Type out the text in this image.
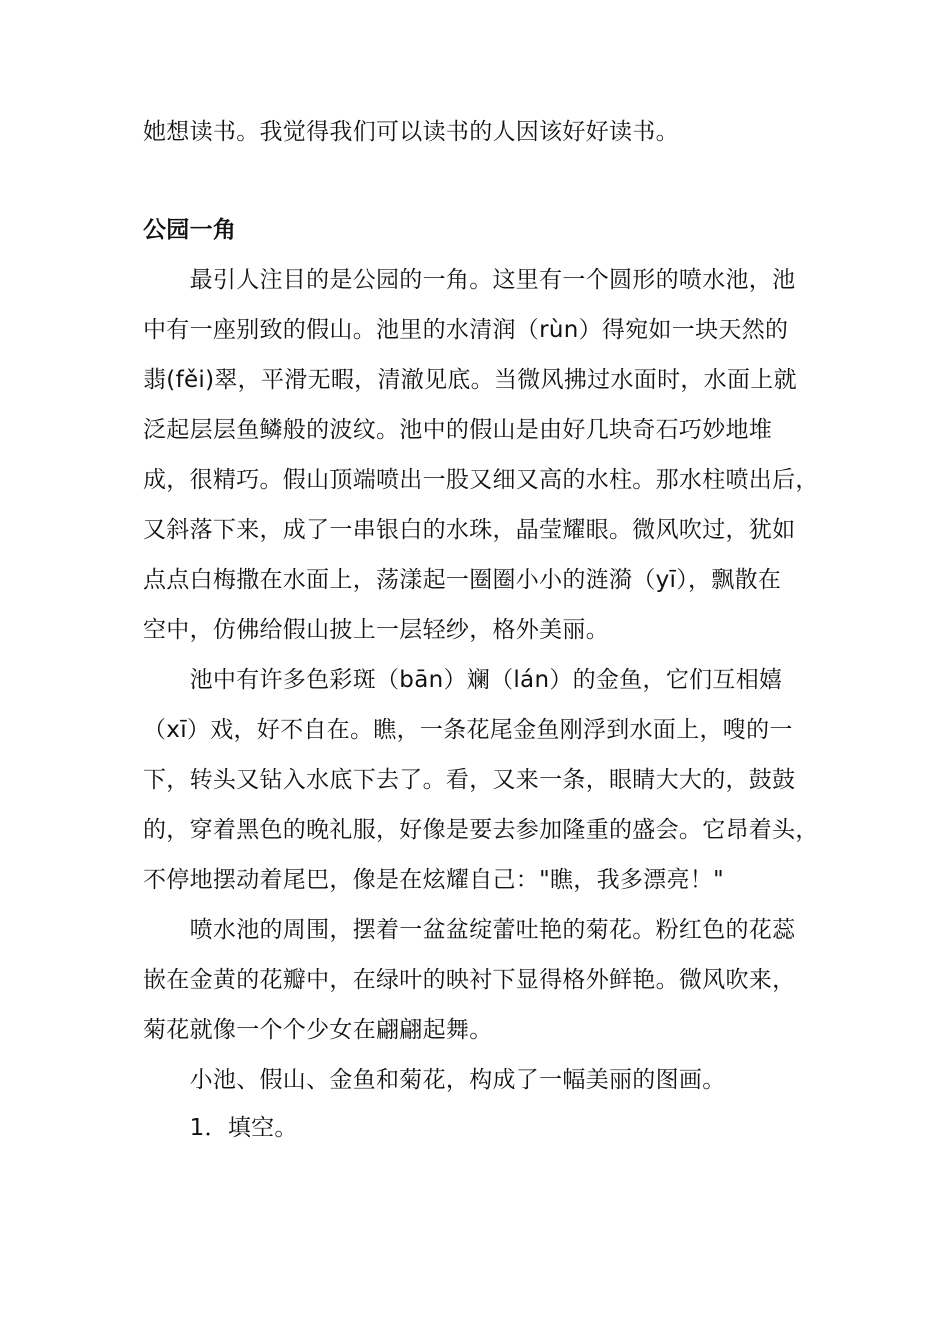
她想读书。我觉得我们可以读书的人因该好好读书。
公园一角
　　最引人注目的是公园的一角。这里有一个圆形的喷水池，池
中有一座别致的假山。池里的水清润（rùn）得宛如一块天然的
翡(fěi)翠，平滑无暇，清澈见底。当微风拂过水面时，水面上就
泛起层层鱼鳞般的波纹。池中的假山是由好几块奇石巧妙地堆
成，很精巧。假山顶端喷出一股又细又高的水柱。那水柱喷出后，
又斜落下来，成了一串银白的水珠，晶莹耀眼。微风吹过，犹如
点点白梅撒在水面上，荡漾起一圈圈小小的涟漪（yī），飘散在
空中，仿佛给假山披上一层轻纱，格外美丽。
　　池中有许多色彩斑（bān）斓（lán）的金鱼，它们互相嬉
（xī）戏，好不自在。瞧，一条花尾金鱼刚浮到水面上，嗖的一
下，转头又钻入水底下去了。看，又来一条，眼睛大大的，鼓鼓
的，穿着黑色的晚礼服，好像是要去参加隆重的盛会。它昂着头，
不停地摆动着尾巴，像是在炫耀自己："瞧，我多漂亮！"
　　喷水池的周围，摆着一盆盆绽蕾吐艳的菊花。粉红色的花蕊
嵌在金黄的花瓣中，在绿叶的映衬下显得格外鲜艳。微风吹来，
菊花就像一个个少女在翩翩起舞。
　　小池、假山、金鱼和菊花，构成了一幅美丽的图画。
　　1．填空。
